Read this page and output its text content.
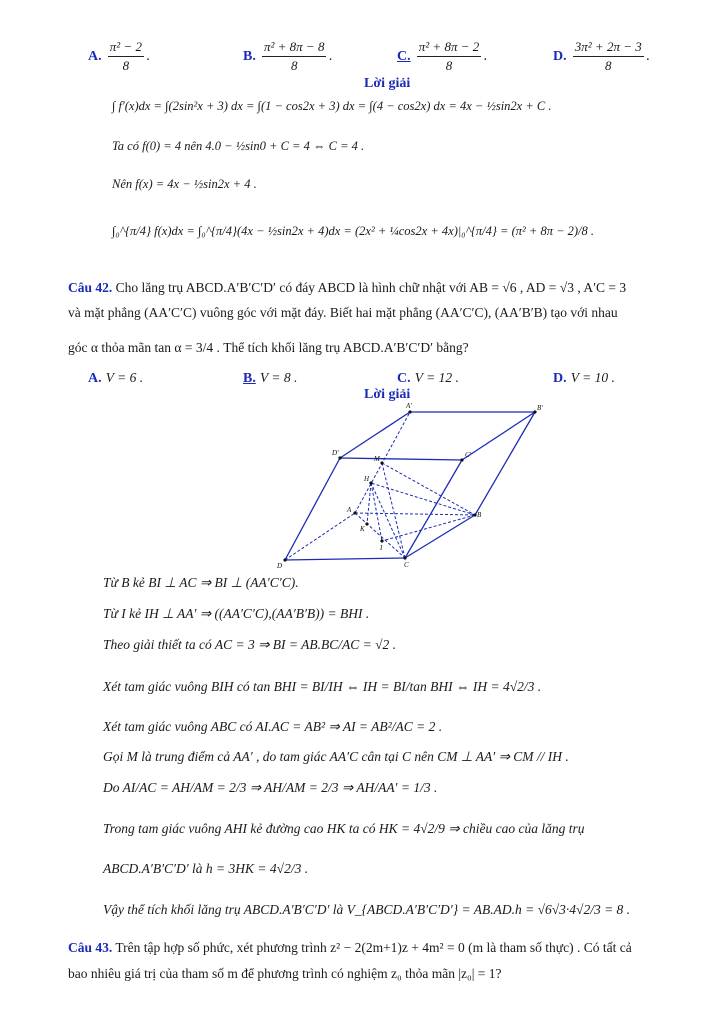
A. $\frac{\text{π² − 2}}{8}$ .	B. $\frac{\text{π² + 8π − 8}}{8}$ .	C. $\frac{\text{π² + 8π − 2}}{8}$ .	D. $\frac{\text{3π² + 2π − 3}}{8}$ .
Lời giải
∫ f′(x)dx = ∫(2sin²x + 3) dx = ∫(1 − cos2x + 3) dx = ∫(4 − cos2x) dx = 4x − ½sin2x + C .
Ta có f(0) = 4 nên 4.0 − ½sin0 + C = 4 ⇔ C = 4 .
Nên f(x) = 4x − ½sin2x + 4 .
∫₀^{π/4} f(x)dx = ∫₀^{π/4}(4x − ½sin2x + 4)dx = (2x² + ¼cos2x + 4x)|₀^{π/4} = (π² + 8π − 2)/8 .
Câu 42. Cho lăng trụ ABCD.A′B′C′D′ có đáy ABCD là hình chữ nhật với AB = √6 , AD = √3 , A′C = 3
và mặt phẳng (AA′C′C) vuông góc với mặt đáy. Biết hai mặt phẳng (AA′C′C), (AA′B′B) tạo với nhau
góc α thỏa mãn tan α = 3/4 . Thể tích khối lăng trụ ABCD.A′B′C′D′ bằng?
A. V = 6 .	B. V = 8 .	C. V = 12 .	D. V = 10 .
Lời giải
A′	B′
C′
D′
M
H
A
B
C
D
K
I
Từ B kẻ BI ⊥ AC ⇒ BI ⊥ (AA′C′C).
Từ I kẻ IH ⊥ AA′ ⇒ ((AA′C′C),(AA′B′B)) = BHI .
Theo giải thiết ta có AC = 3 ⇒ BI = AB.BC/AC = √2 .
Xét tam giác vuông BIH có tan BHI = BI/IH ⇔ IH = BI/tan BHI ⇔ IH = 4√2/3 .
Xét tam giác vuông ABC có AI.AC = AB² ⇒ AI = AB²/AC = 2 .
Gọi M là trung điểm cả AA′ , do tam giác AA′C cân tại C nên CM ⊥ AA′ ⇒ CM // IH .
Do AI/AC = AH/AM = 2/3 ⇒ AH/AM = 2/3 ⇒ AH/AA′ = 1/3 .
Trong tam giác vuông AHI kẻ đường cao HK ta có HK = 4√2/9 ⇒ chiều cao của lăng trụ
ABCD.A′B′C′D′ là h = 3HK = 4√2/3 .
Vậy thể tích khối lăng trụ ABCD.A′B′C′D′ là V_{ABCD.A′B′C′D′} = AB.AD.h = √6√3·4√2/3 = 8 .
Câu 43. Trên tập hợp số phức, xét phương trình z² − 2(2m+1)z + 4m² = 0 (m là tham số thực) . Có tất cả
bao nhiêu giá trị của tham số m để phương trình có nghiệm z₀ thỏa mãn |z₀| = 1?
